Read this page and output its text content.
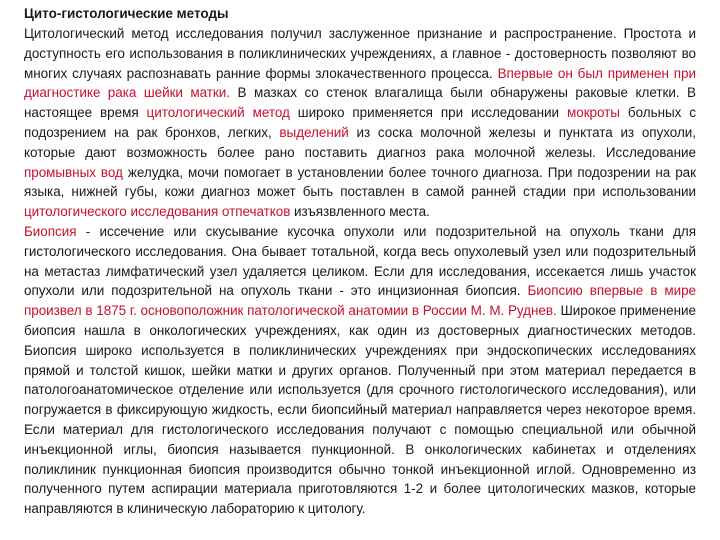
Цито-гистологические методы

Цитологический метод исследования получил заслуженное признание и распространение. Простота и доступность его использования в поликлинических учреждениях, а главное - достоверность позволяют во многих случаях распознавать ранние формы злокачественного процесса. Впервые он был применен при диагностике рака шейки матки. В мазках со стенок влагалища были обнаружены раковые клетки. В настоящее время цитологический метод широко применяется при исследовании мокроты больных с подозрением на рак бронхов, легких, выделений из соска молочной железы и пунктата из опухоли, которые дают возможность более рано поставить диагноз рака молочной железы. Исследование промывных вод желудка, мочи помогает в установлении более точного диагноза. При подозрении на рак языка, нижней губы, кожи диагноз может быть поставлен в самой ранней стадии при использовании цитологического исследования отпечатков изъязвленного места.

Биопсия - иссечение или скусывание кусочка опухоли или подозрительной на опухоль ткани для гистологического исследования. Она бывает тотальной, когда весь опухолевый узел или подозрительный на метастаз лимфатический узел удаляется целиком. Если для исследования, иссекается лишь участок опухоли или подозрительной на опухоль ткани - это инцизионная биопсия. Биопсию впервые в мире произвел в 1875 г. основоположник патологической анатомии в России М. М. Руднев. Широкое применение биопсия нашла в онкологических учреждениях, как один из достоверных диагностических методов. Биопсия широко используется в поликлинических учреждениях при эндоскопических исследованиях прямой и толстой кишок, шейки матки и других органов. Полученный при этом материал передается в патологоанатомическое отделение или используется (для срочного гистологического исследования), или погружается в фиксирующую жидкость, если биопсийный материал направляется через некоторое время. Если материал для гистологического исследования получают с помощью специальной или обычной инъекционной иглы, биопсия называется пункционной. В онкологических кабинетах и отделениях поликлиник пункционная биопсия производится обычно тонкой инъекционной иглой. Одновременно из полученного путем аспирации материала приготовляются 1-2 и более цитологических мазков, которые направляются в клиническую лабораторию к цитологу.
